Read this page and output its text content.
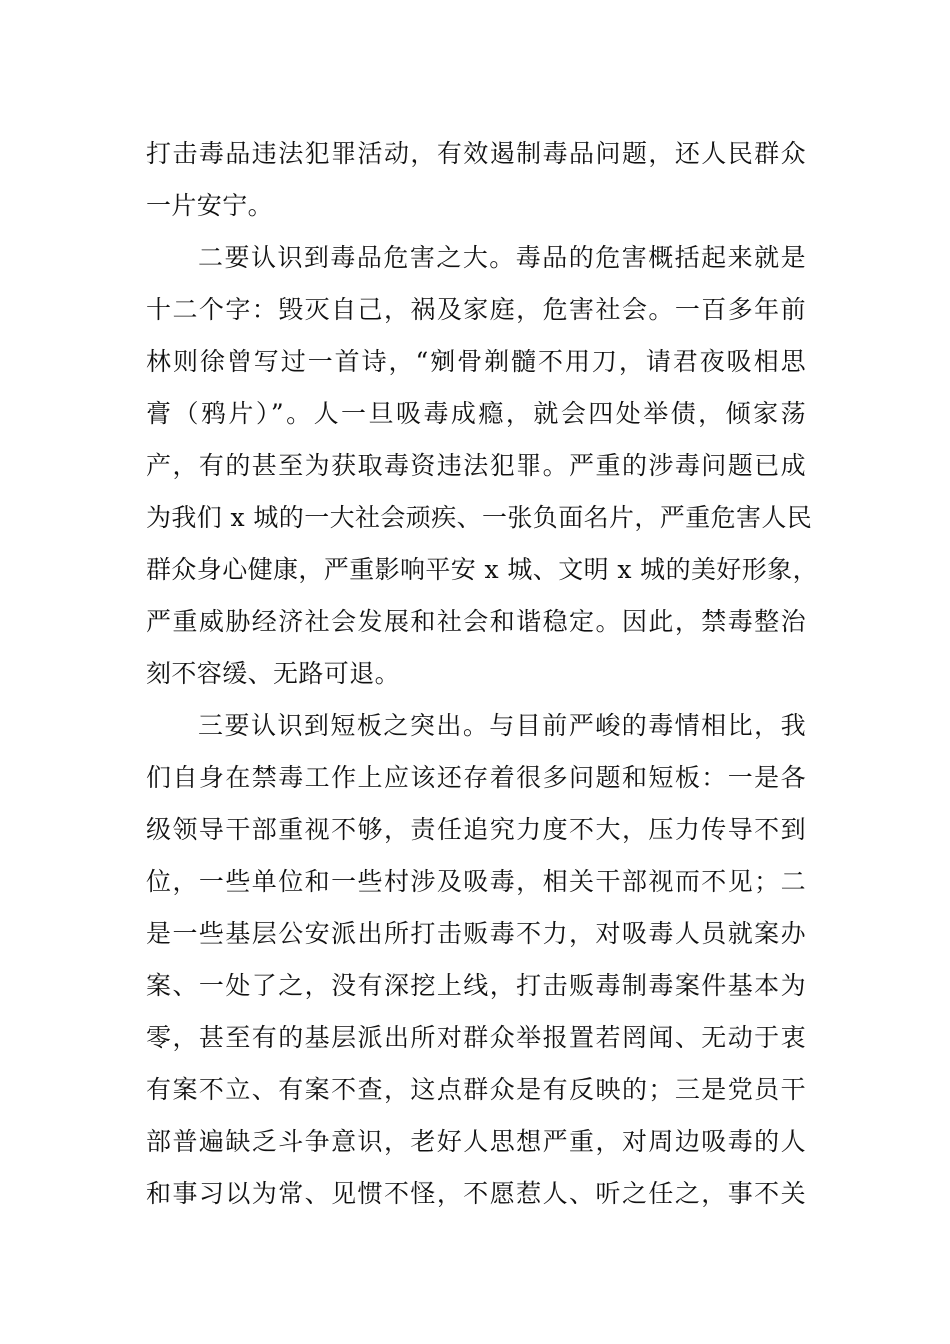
打击毒品违法犯罪活动，有效遏制毒品问题，还人民群众
一片安宁。
二要认识到毒品危害之大。毒品的危害概括起来就是
十二个字：毁灭自己，祸及家庭，危害社会。一百多年前
林则徐曾写过一首诗，“剜骨剃髓不用刀，请君夜吸相思
膏（鸦片）”。人一旦吸毒成瘾，就会四处举债，倾家荡
产，有的甚至为获取毒资违法犯罪。严重的涉毒问题已成
为我们 x 城的一大社会顽疾、一张负面名片，严重危害人民
群众身心健康，严重影响平安 x 城、文明 x 城的美好形象，
严重威胁经济社会发展和社会和谐稳定。因此，禁毒整治
刻不容缓、无路可退。
三要认识到短板之突出。与目前严峻的毒情相比，我
们自身在禁毒工作上应该还存着很多问题和短板：一是各
级领导干部重视不够，责任追究力度不大，压力传导不到
位，一些单位和一些村涉及吸毒，相关干部视而不见；二
是一些基层公安派出所打击贩毒不力，对吸毒人员就案办
案、一处了之，没有深挖上线，打击贩毒制毒案件基本为
零，甚至有的基层派出所对群众举报置若罔闻、无动于衷
有案不立、有案不查，这点群众是有反映的；三是党员干
部普遍缺乏斗争意识，老好人思想严重，对周边吸毒的人
和事习以为常、见惯不怪，不愿惹人、听之任之，事不关
